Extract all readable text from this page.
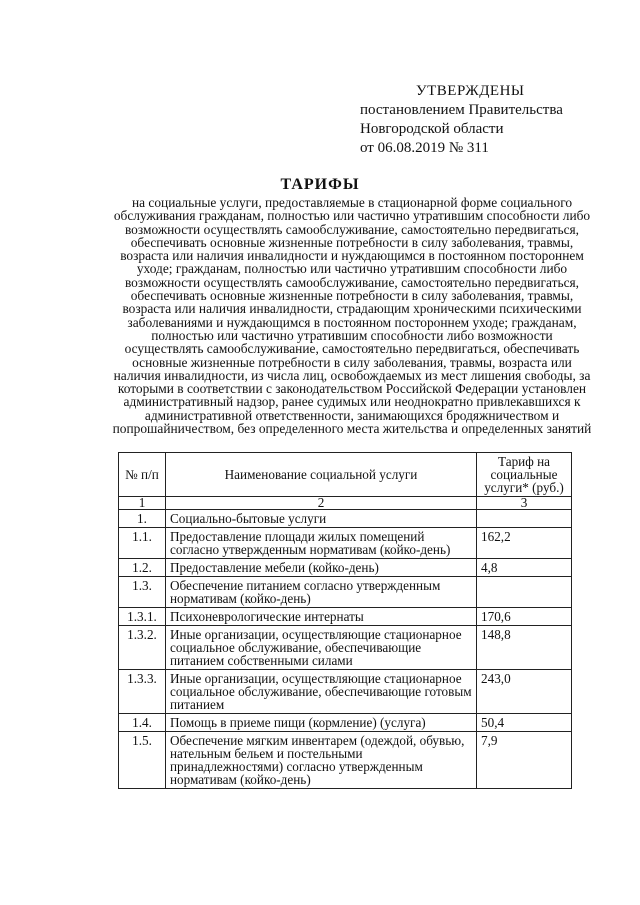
УТВЕРЖДЕНЫ
постановлением Правительства
Новгородской области
от 06.08.2019 № 311
ТАРИФЫ
на социальные услуги, предоставляемые в стационарной форме социального обслуживания гражданам, полностью или частично утратившим способности либо возможности осуществлять самообслуживание, самостоятельно передвигаться, обеспечивать основные жизненные потребности в силу заболевания, травмы, возраста или наличия инвалидности и нуждающимся в постоянном постороннем уходе; гражданам, полностью или частично утратившим способности либо возможности осуществлять самообслуживание, самостоятельно передвигаться, обеспечивать основные жизненные потребности в силу заболевания, травмы, возраста или наличия инвалидности, страдающим хроническими психическими заболеваниями и нуждающимся в постоянном постороннем уходе; гражданам, полностью или частично утратившим способности либо возможности осуществлять самообслуживание, самостоятельно передвигаться, обеспечивать основные жизненные потребности в силу заболевания, травмы, возраста или наличия инвалидности, из числа лиц, освобождаемых из мест лишения свободы, за которыми в соответствии с законодательством Российской Федерации установлен административный надзор, ранее судимых или неоднократно привлекавшихся к административной ответственности, занимающихся бродяжничеством и попрошайничеством, без определенного места жительства и определенных занятий
№ п/п	Наименование социальной услуги	Тариф на социальные услуги* (руб.)
1	2	3
1.	Социально-бытовые услуги	
1.1.	Предоставление площади жилых помещений согласно утвержденным нормативам (койко-день)	162,2
1.2.	Предоставление мебели (койко-день)	4,8
1.3.	Обеспечение питанием согласно утвержденным нормативам (койко-день)	
1.3.1.	Психоневрологические интернаты	170,6
1.3.2.	Иные организации, осуществляющие стационарное социальное обслуживание, обеспечивающие питанием собственными силами	148,8
1.3.3.	Иные организации, осуществляющие стационарное социальное обслуживание, обеспечивающие готовым питанием	243,0
1.4.	Помощь в приеме пищи (кормление) (услуга)	50,4
1.5.	Обеспечение мягким инвентарем (одеждой, обувью, нательным бельем и постельными принадлежностями) согласно утвержденным нормативам (койко-день)	7,9
